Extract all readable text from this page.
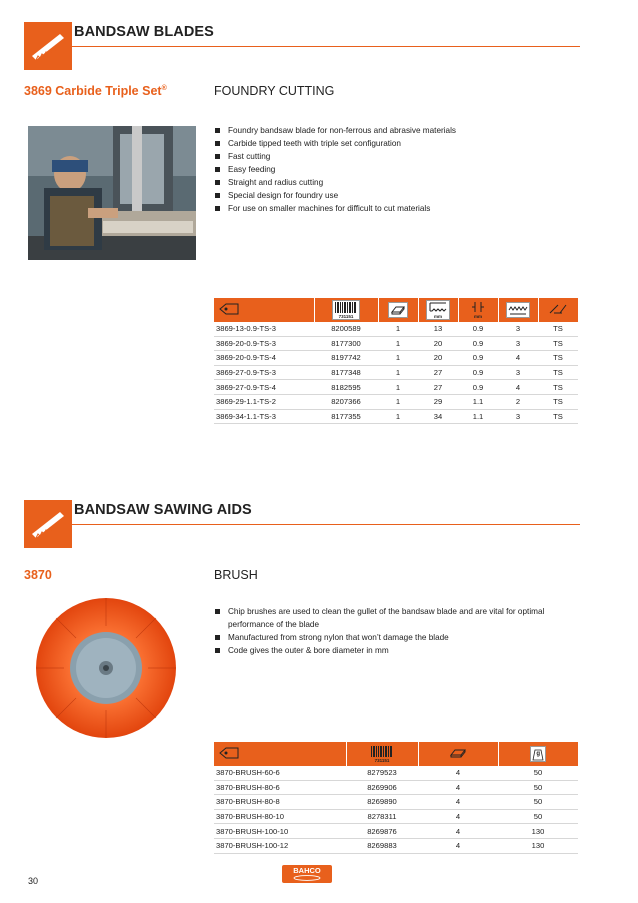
BANDSAW BLADES
3869 Carbide Triple Set®	FOUNDRY CUTTING
Foundry bandsaw blade for non-ferrous and abrasive materials
Carbide tipped teeth with triple set configuration
Fast cutting
Easy feeding
Straight and radius cutting
Special design for foundry use
For use on smaller machines for difficult to cut materials

731151		mm	mm

3869-13-0.9-TS-3	8200589	1	13	0.9	3	TS
3869-20-0.9-TS-3	8177300	1	20	0.9	3	TS
3869-20-0.9-TS-4	8197742	1	20	0.9	4	TS
3869-27-0.9-TS-3	8177348	1	27	0.9	3	TS
3869-27-0.9-TS-4	8182595	1	27	0.9	4	TS
3869-29-1.1-TS-2	8207366	1	29	1.1	2	TS
3869-34-1.1-TS-3	8177355	1	34	1.1	3	TS
BANDSAW SAWING AIDS
3870	BRUSH
Chip brushes are used to clean the gullet of the bandsaw blade and are vital for optimal performance of the blade
Manufactured from strong nylon that won’t damage the blade
Code gives the outer & bore diameter in mm

731151		g

3870-BRUSH-60-6	8279523	4	50
3870-BRUSH-80-6	8269906	4	50
3870-BRUSH-80-8	8269890	4	50
3870-BRUSH-80-10	8278311	4	50
3870-BRUSH-100-10	8269876	4	130
3870-BRUSH-100-12	8269883	4	130
30
BAHCO
